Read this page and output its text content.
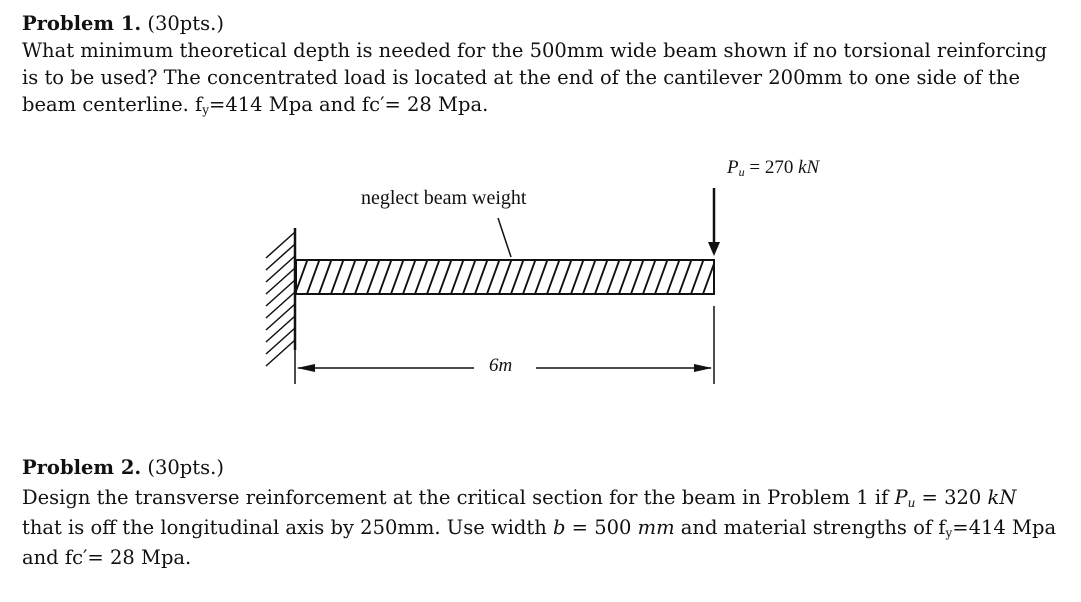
Problem 1. (30pts.)
What minimum theoretical depth is needed for the 500mm wide beam shown if no torsional reinforcing is to be used? The concentrated load is located at the end of the cantilever 200mm to one side of the beam centerline. $f_y=414$ Mpa and fc′= 28 Mpa.
neglect beam weight
6m
$P_u = 270$ kN
Problem 2. (30pts.)
Design the transverse reinforcement at the critical section for the beam in Problem 1 if $P_u = 320$ kN that is off the longitudinal axis by 250mm. Use width b = 500 mm and material strengths of $f_y=414$ Mpa and fc′= 28 Mpa.
